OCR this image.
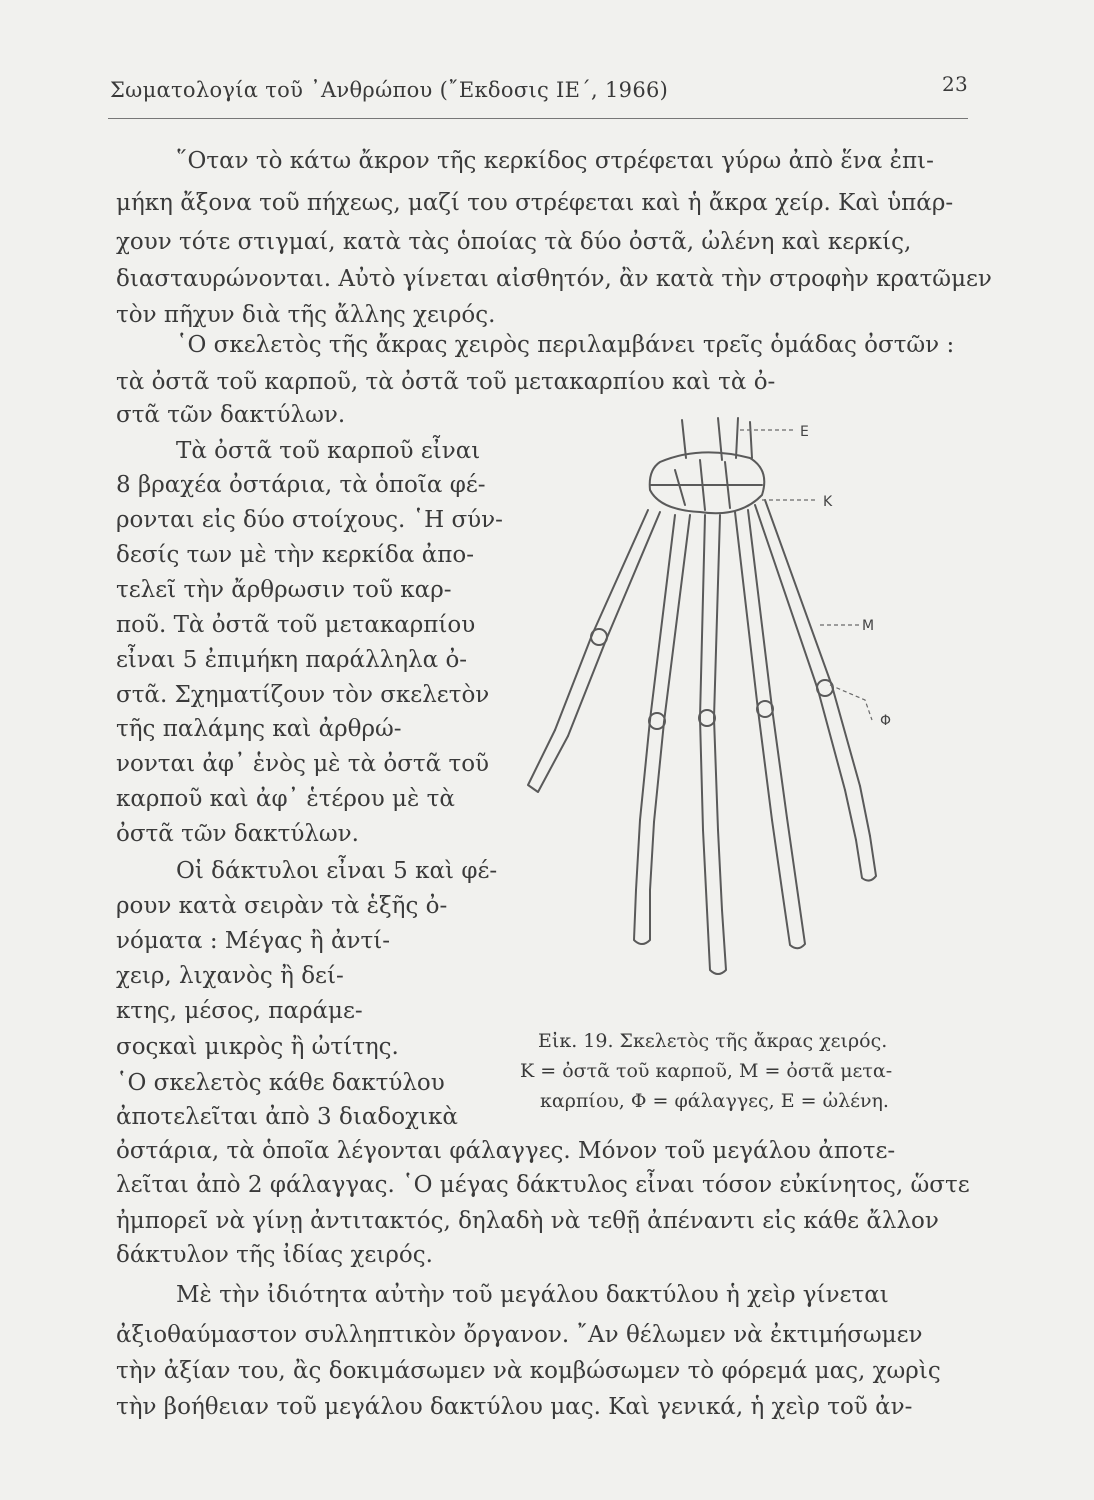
Σωματολογία τοῦ ᾿Ανθρώπου (῎Εκδοσις ΙΕ΄, 1966)	23
῞Οταν τὸ κάτω ἄκρον τῆς κερκίδος στρέφεται γύρω ἀπὸ ἕνα ἐπι-
μήκη ἄξονα τοῦ πήχεως, μαζί του στρέφεται καὶ ἡ ἄκρα χείρ. Καὶ ὑπάρ-
χουν τότε στιγμαί, κατὰ τὰς ὁποίας τὰ δύο ὀστᾶ, ὠλένη καὶ κερκίς,
διασταυρώνονται. Αὐτὸ γίνεται αἰσθητόν, ἂν κατὰ τὴν στροφὴν κρατῶμεν
τὸν πῆχυν διὰ τῆς ἄλλης χειρός.
῾Ο σκελετὸς τῆς ἄκρας χειρὸς περιλαμβάνει τρεῖς ὁμάδας ὀστῶν :
τὰ ὀστᾶ τοῦ καρποῦ, τὰ ὀστᾶ τοῦ μετακαρπίου καὶ τὰ ὀ-
στᾶ τῶν δακτύλων.
Τὰ ὀστᾶ τοῦ καρποῦ εἶναι
8 βραχέα ὀστάρια, τὰ ὁποῖα φέ-
ρονται εἰς δύο στοίχους. ῾Η σύν-
δεσίς των μὲ τὴν κερκίδα ἀπο-
τελεῖ τὴν ἄρθρωσιν τοῦ καρ-
ποῦ. Τὰ ὀστᾶ τοῦ μετακαρπίου
εἶναι 5 ἐπιμήκη παράλληλα ὀ-
στᾶ. Σχηματίζουν τὸν σκελετὸν
τῆς παλάμης καὶ ἀρθρώ-
νονται ἀφ᾿ ἑνὸς μὲ τὰ ὀστᾶ τοῦ
καρποῦ καὶ ἀφ᾿ ἑτέρου μὲ τὰ
ὀστᾶ τῶν δακτύλων.
Οἱ δάκτυλοι εἶναι 5 καὶ φέ-
ρουν κατὰ σειρὰν τὰ ἑξῆς ὀ-
νόματα : Μέγας ἢ ἀντί-
χειρ, λιχανὸς ἢ δεί-
κτης, μέσος, παράμε-
σοςκαὶ μικρὸς ἢ ὠτίτης.
῾Ο σκελετὸς κάθε δακτύλου
ἀποτελεῖται ἀπὸ 3 διαδοχικὰ
ὀστάρια, τὰ ὁποῖα λέγονται φάλαγγες. Μόνον τοῦ μεγάλου ἀποτε-
λεῖται ἀπὸ 2 φάλαγγας. ῾Ο μέγας δάκτυλος εἶναι τόσον εὐκίνητος, ὥστε
ἠμπορεῖ νὰ γίνῃ ἀντιτακτός, δηλαδὴ νὰ τεθῇ ἀπέναντι εἰς κάθε ἄλλον
δάκτυλον τῆς ἰδίας χειρός.
Μὲ τὴν ἰδιότητα αὐτὴν τοῦ μεγάλου δακτύλου ἡ χεὶρ γίνεται
ἀξιοθαύμαστον συλληπτικὸν ὄργανον. ῎Αν θέλωμεν νὰ ἐκτιμήσωμεν
τὴν ἀξίαν του, ἂς δοκιμάσωμεν νὰ κομβώσωμεν τὸ φόρεμά μας, χωρὶς
τὴν βοήθειαν τοῦ μεγάλου δακτύλου μας. Καὶ γενικά, ἡ χεὶρ τοῦ ἀν-
E
K
M
Φ
Εἰκ. 19. Σκελετὸς τῆς ἄκρας χειρός.
Κ = ὀστᾶ τοῦ καρποῦ, Μ = ὀστᾶ μετα-
καρπίου, Φ = φάλαγγες, Ε = ὠλένη.
